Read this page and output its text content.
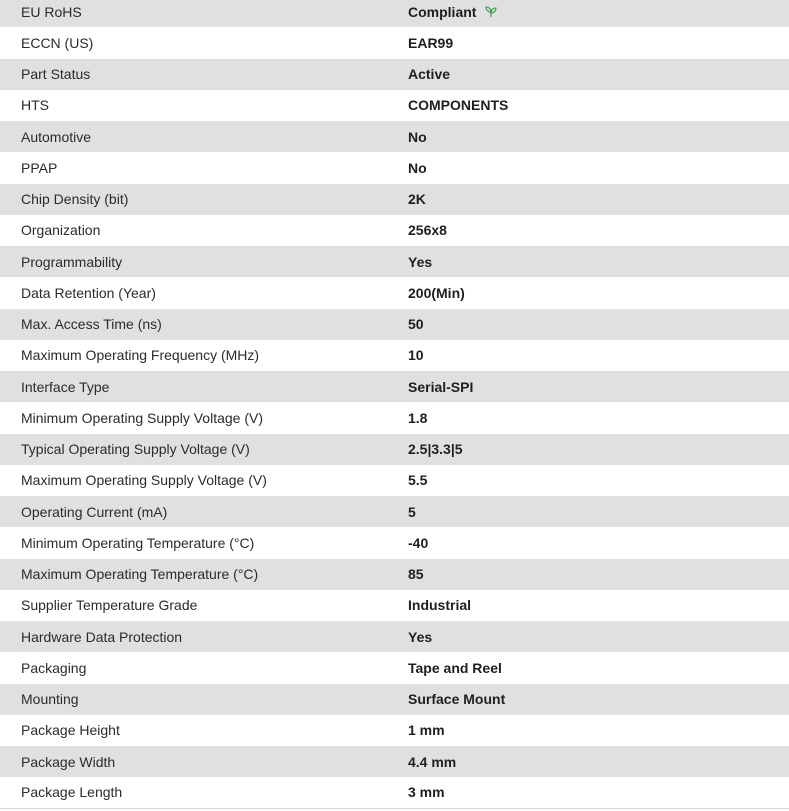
EU RoHS	Compliant
ECCN (US)	EAR99
Part Status	Active
HTS	COMPONENTS
Automotive	No
PPAP	No
Chip Density (bit)	2K
Organization	256x8
Programmability	Yes
Data Retention (Year)	200(Min)
Max. Access Time (ns)	50
Maximum Operating Frequency (MHz)	10
Interface Type	Serial-SPI
Minimum Operating Supply Voltage (V)	1.8
Typical Operating Supply Voltage (V)	2.5|3.3|5
Maximum Operating Supply Voltage (V)	5.5
Operating Current (mA)	5
Minimum Operating Temperature (°C)	-40
Maximum Operating Temperature (°C)	85
Supplier Temperature Grade	Industrial
Hardware Data Protection	Yes
Packaging	Tape and Reel
Mounting	Surface Mount
Package Height	1 mm
Package Width	4.4 mm
Package Length	3 mm
